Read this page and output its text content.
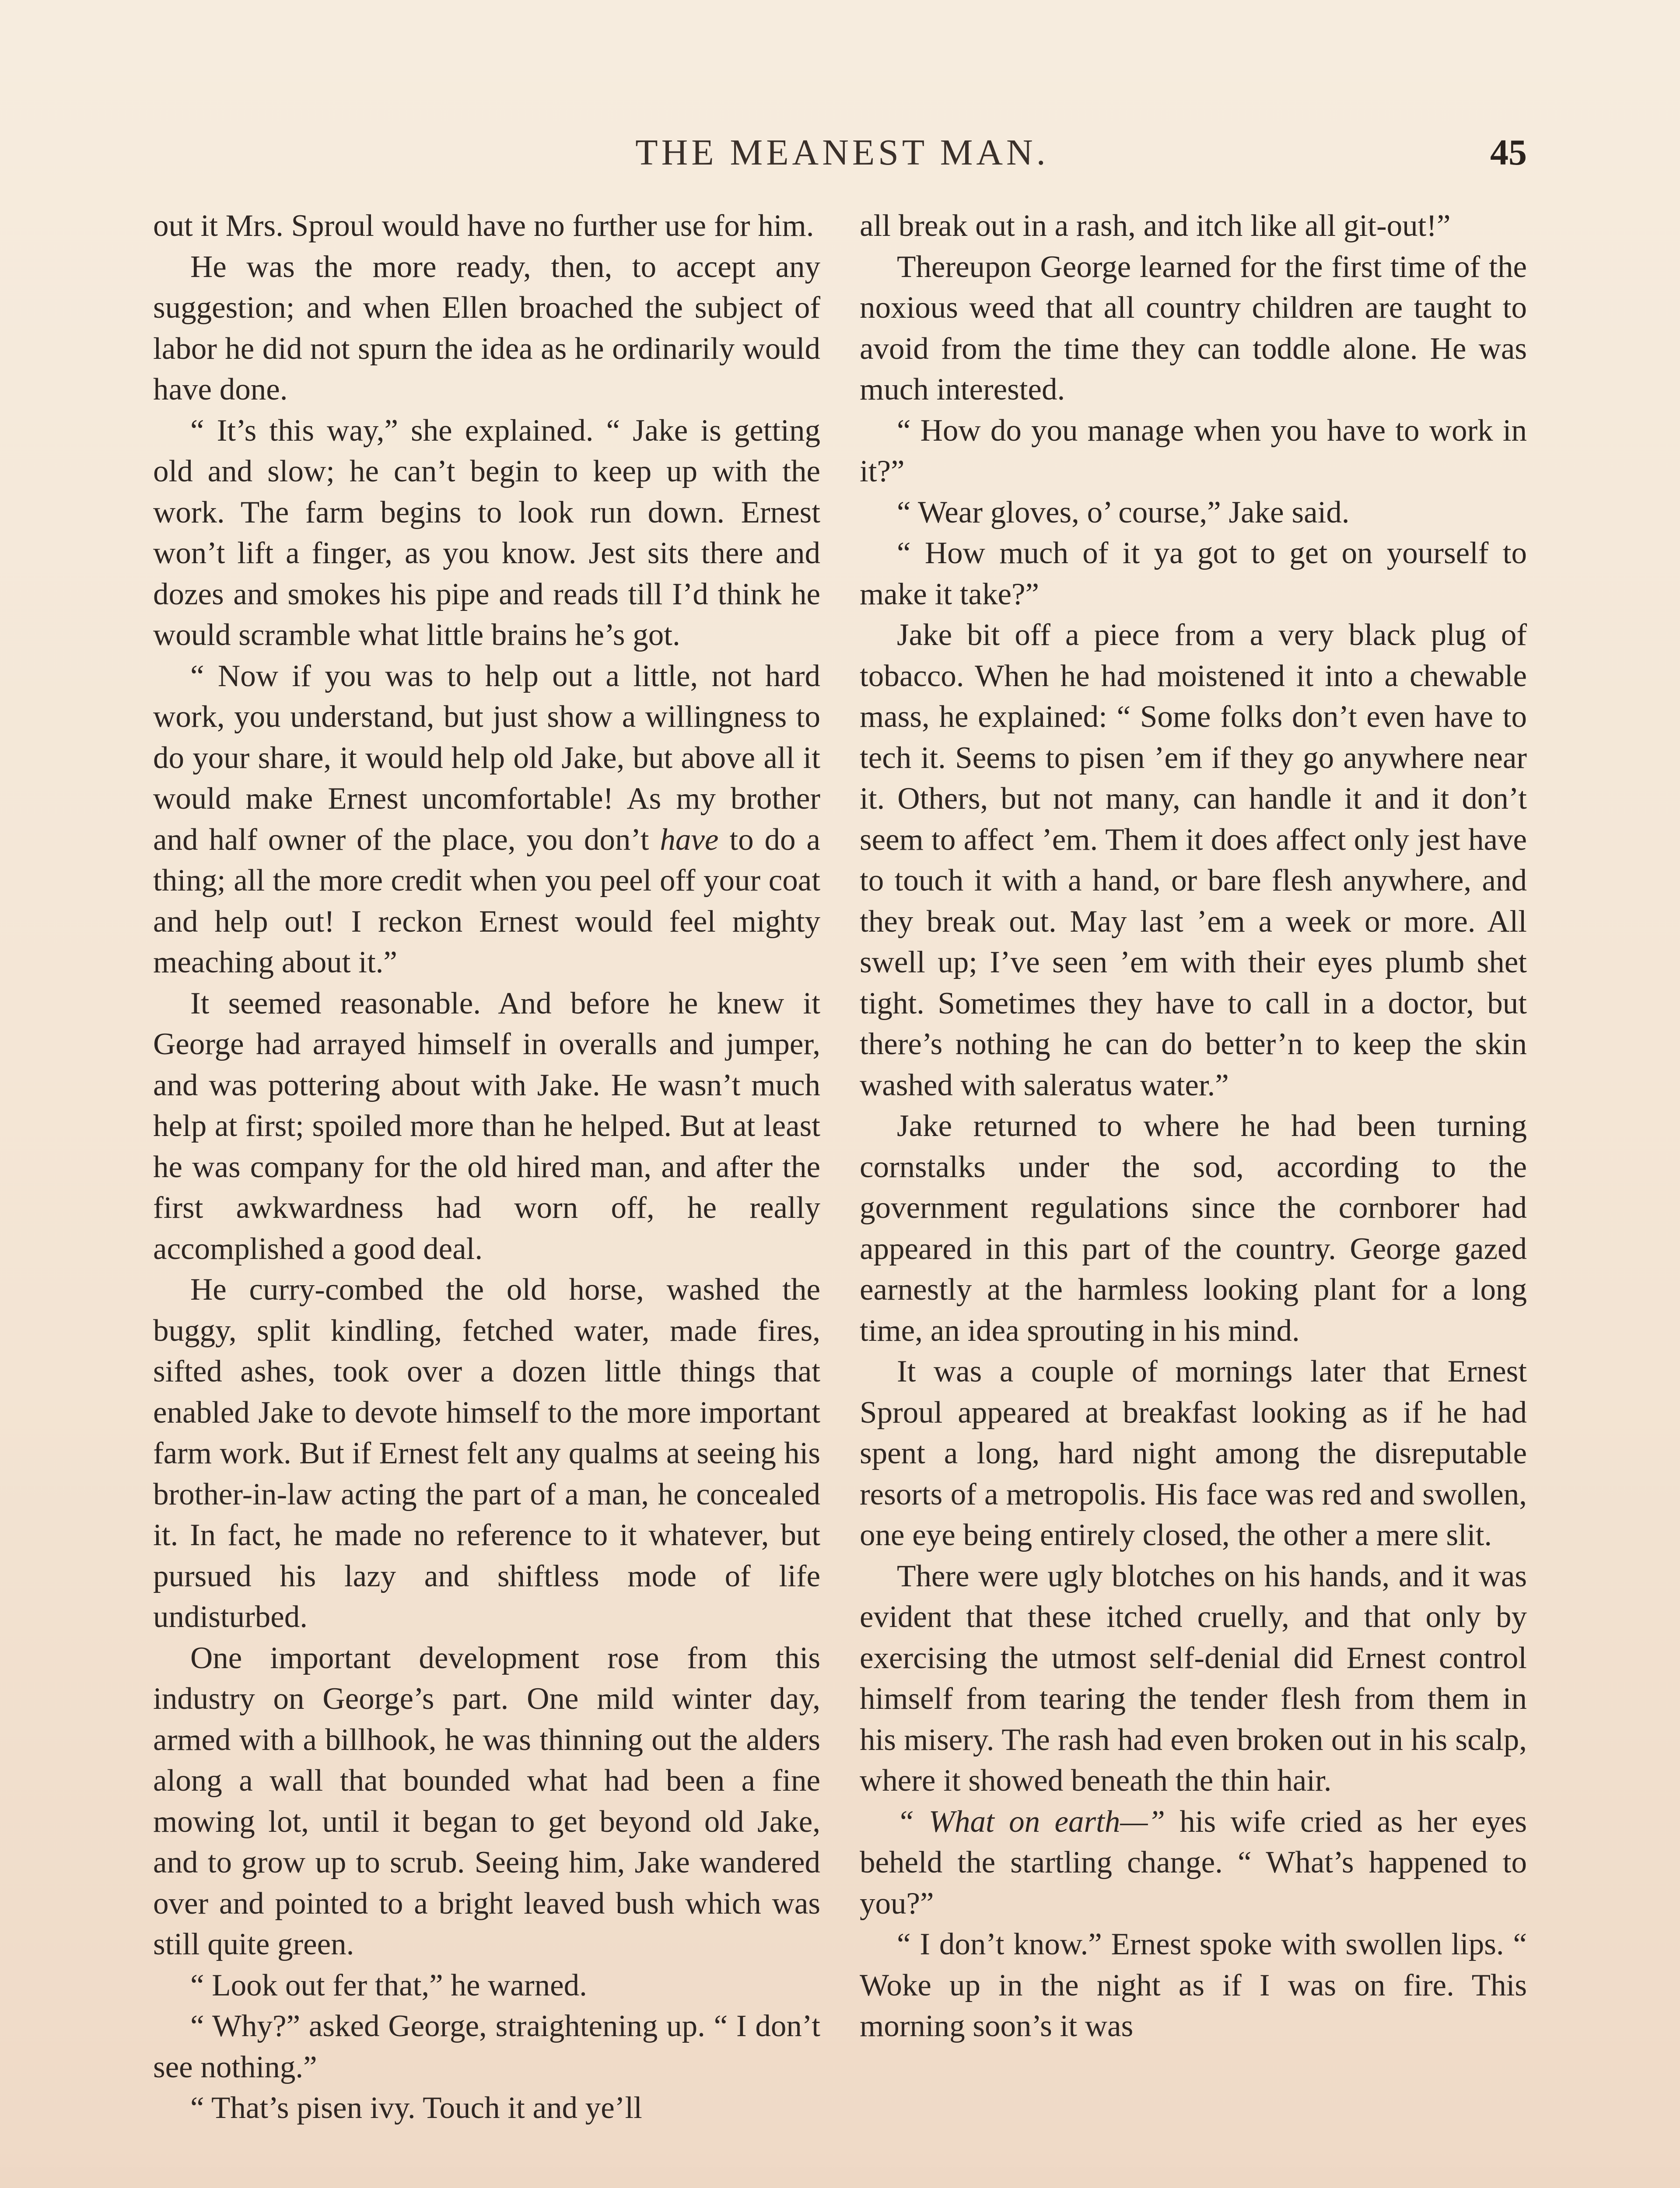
THE MEANEST MAN.	45

out it Mrs. Sproul would have no further use for him.

He was the more ready, then, to accept any suggestion; and when Ellen broached the subject of labor he did not spurn the idea as he ordinarily would have done.

“ It’s this way,” she explained. “ Jake is getting old and slow; he can’t begin to keep up with the work. The farm begins to look run down. Ernest won’t lift a finger, as you know. Jest sits there and dozes and smokes his pipe and reads till I’d think he would scramble what little brains he’s got.

“ Now if you was to help out a little, not hard work, you understand, but just show a willingness to do your share, it would help old Jake, but above all it would make Ernest uncomfortable! As my brother and half owner of the place, you don’t have to do a thing; all the more credit when you peel off your coat and help out! I reckon Ernest would feel mighty meaching about it.”

It seemed reasonable. And before he knew it George had arrayed himself in overalls and jumper, and was pottering about with Jake. He wasn’t much help at first; spoiled more than he helped. But at least he was company for the old hired man, and after the first awkwardness had worn off, he really accomplished a good deal.

He curry-combed the old horse, washed the buggy, split kindling, fetched water, made fires, sifted ashes, took over a dozen little things that enabled Jake to devote himself to the more important farm work. But if Ernest felt any qualms at seeing his brother-in-law acting the part of a man, he concealed it. In fact, he made no reference to it whatever, but pursued his lazy and shiftless mode of life undisturbed.

One important development rose from this industry on George’s part. One mild winter day, armed with a billhook, he was thinning out the alders along a wall that bounded what had been a fine mowing lot, until it began to get beyond old Jake, and to grow up to scrub. Seeing him, Jake wandered over and pointed to a bright leaved bush which was still quite green.

“ Look out fer that,” he warned.

“ Why?” asked George, straightening up. “ I don’t see nothing.”

“ That’s pisen ivy. Touch it and ye’ll

all break out in a rash, and itch like all git-out!”

Thereupon George learned for the first time of the noxious weed that all country children are taught to avoid from the time they can toddle alone. He was much interested.

“ How do you manage when you have to work in it?”

“ Wear gloves, o’ course,” Jake said.

“ How much of it ya got to get on yourself to make it take?”

Jake bit off a piece from a very black plug of tobacco. When he had moistened it into a chewable mass, he explained: “ Some folks don’t even have to tech it. Seems to pisen ’em if they go anywhere near it. Others, but not many, can handle it and it don’t seem to affect ’em. Them it does affect only jest have to touch it with a hand, or bare flesh anywhere, and they break out. May last ’em a week or more. All swell up; I’ve seen ’em with their eyes plumb shet tight. Sometimes they have to call in a doctor, but there’s nothing he can do better’n to keep the skin washed with saleratus water.”

Jake returned to where he had been turning cornstalks under the sod, according to the government regulations since the cornborer had appeared in this part of the country. George gazed earnestly at the harmless looking plant for a long time, an idea sprouting in his mind.

It was a couple of mornings later that Ernest Sproul appeared at breakfast looking as if he had spent a long, hard night among the disreputable resorts of a metropolis. His face was red and swollen, one eye being entirely closed, the other a mere slit.

There were ugly blotches on his hands, and it was evident that these itched cruelly, and that only by exercising the utmost self-denial did Ernest control himself from tearing the tender flesh from them in his misery. The rash had even broken out in his scalp, where it showed beneath the thin hair.

“ What on earth—” his wife cried as her eyes beheld the startling change. “ What’s happened to you?”

“ I don’t know.” Ernest spoke with swollen lips. “ Woke up in the night as if I was on fire. This morning soon’s it was
